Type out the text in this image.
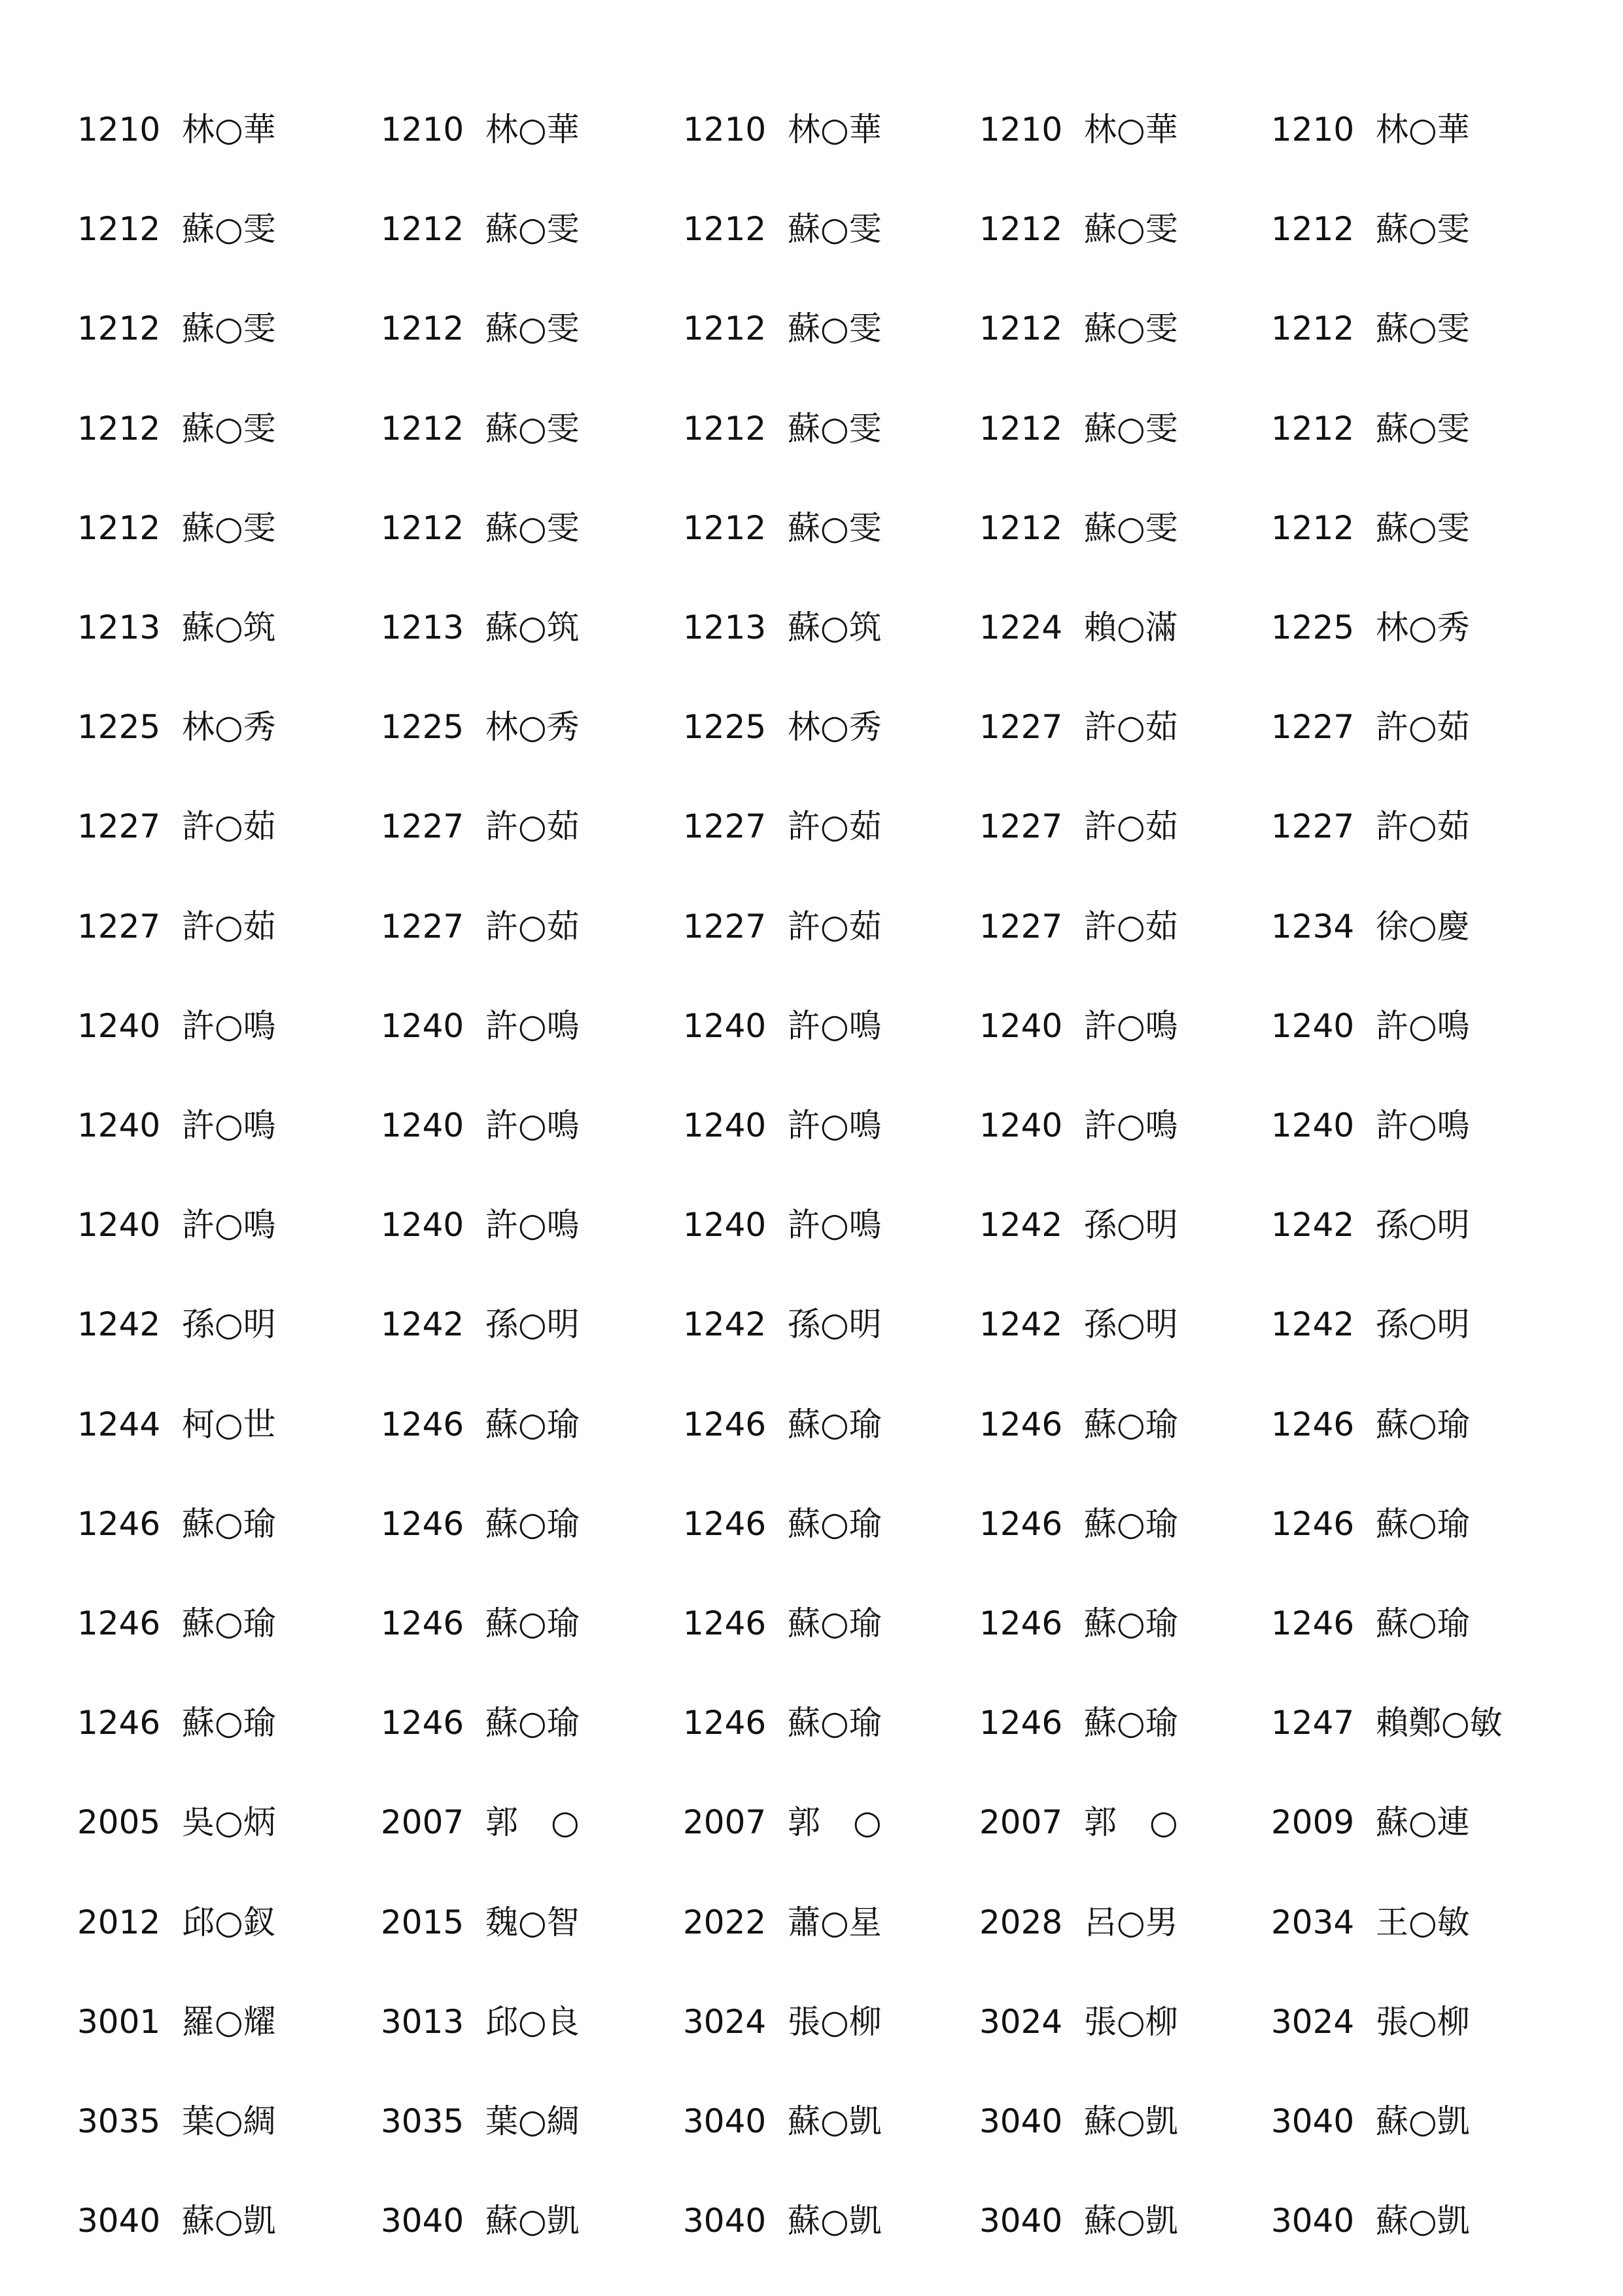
1210 林○華	1210 林○華	1210 林○華	1210 林○華	1210 林○華
1212 蘇○雯	1212 蘇○雯	1212 蘇○雯	1212 蘇○雯	1212 蘇○雯
1212 蘇○雯	1212 蘇○雯	1212 蘇○雯	1212 蘇○雯	1212 蘇○雯
1212 蘇○雯	1212 蘇○雯	1212 蘇○雯	1212 蘇○雯	1212 蘇○雯
1212 蘇○雯	1212 蘇○雯	1212 蘇○雯	1212 蘇○雯	1212 蘇○雯
1213 蘇○筑	1213 蘇○筑	1213 蘇○筑	1224 賴○滿	1225 林○秀
1225 林○秀	1225 林○秀	1225 林○秀	1227 許○茹	1227 許○茹
1227 許○茹	1227 許○茹	1227 許○茹	1227 許○茹	1227 許○茹
1227 許○茹	1227 許○茹	1227 許○茹	1227 許○茹	1234 徐○慶
1240 許○鳴	1240 許○鳴	1240 許○鳴	1240 許○鳴	1240 許○鳴
1240 許○鳴	1240 許○鳴	1240 許○鳴	1240 許○鳴	1240 許○鳴
1240 許○鳴	1240 許○鳴	1240 許○鳴	1242 孫○明	1242 孫○明
1242 孫○明	1242 孫○明	1242 孫○明	1242 孫○明	1242 孫○明
1244 柯○世	1246 蘇○瑜	1246 蘇○瑜	1246 蘇○瑜	1246 蘇○瑜
1246 蘇○瑜	1246 蘇○瑜	1246 蘇○瑜	1246 蘇○瑜	1246 蘇○瑜
1246 蘇○瑜	1246 蘇○瑜	1246 蘇○瑜	1246 蘇○瑜	1246 蘇○瑜
1246 蘇○瑜	1246 蘇○瑜	1246 蘇○瑜	1246 蘇○瑜	1247 賴鄭○敏
2005 吳○炳	2007 郭　○	2007 郭　○	2007 郭　○	2009 蘇○連
2012 邱○釵	2015 魏○智	2022 蕭○星	2028 呂○男	2034 王○敏
3001 羅○耀	3013 邱○良	3024 張○柳	3024 張○柳	3024 張○柳
3035 葉○綢	3035 葉○綢	3040 蘇○凱	3040 蘇○凱	3040 蘇○凱
3040 蘇○凱	3040 蘇○凱	3040 蘇○凱	3040 蘇○凱	3040 蘇○凱
